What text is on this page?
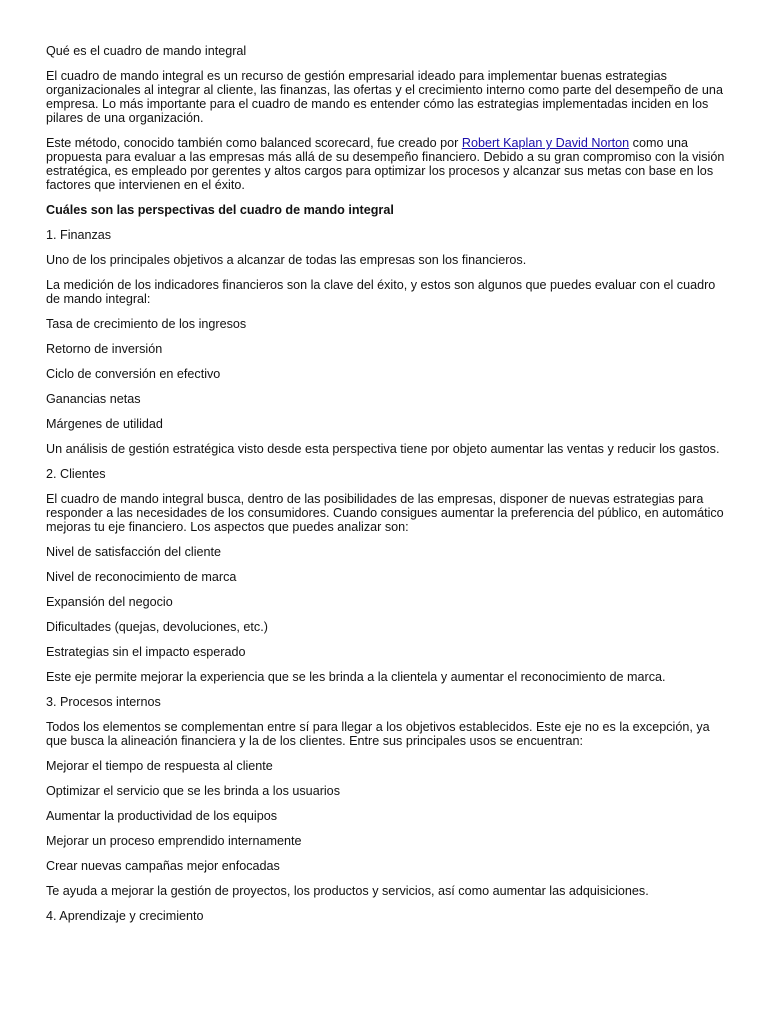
Qué es el cuadro de mando integral

El cuadro de mando integral es un recurso de gestión empresarial ideado para implementar buenas estrategias organizacionales al integrar al cliente, las finanzas, las ofertas y el crecimiento interno como parte del desempeño de una empresa. Lo más importante para el cuadro de mando es entender cómo las estrategias implementadas inciden en los pilares de una organización.

Este método, conocido también como balanced scorecard, fue creado por Robert Kaplan y David Norton como una propuesta para evaluar a las empresas más allá de su desempeño financiero. Debido a su gran compromiso con la visión estratégica, es empleado por gerentes y altos cargos para optimizar los procesos y alcanzar sus metas con base en los factores que intervienen en el éxito.

Cuáles son las perspectivas del cuadro de mando integral

1. Finanzas

Uno de los principales objetivos a alcanzar de todas las empresas son los financieros.

La medición de los indicadores financieros son la clave del éxito, y estos son algunos que puedes evaluar con el cuadro de mando integral:

Tasa de crecimiento de los ingresos

Retorno de inversión

Ciclo de conversión en efectivo

Ganancias netas

Márgenes de utilidad

Un análisis de gestión estratégica visto desde esta perspectiva tiene por objeto aumentar las ventas y reducir los gastos.

2. Clientes

El cuadro de mando integral busca, dentro de las posibilidades de las empresas, disponer de nuevas estrategias para responder a las necesidades de los consumidores. Cuando consigues aumentar la preferencia del público, en automático mejoras tu eje financiero. Los aspectos que puedes analizar son:

Nivel de satisfacción del cliente

Nivel de reconocimiento de marca

Expansión del negocio

Dificultades (quejas, devoluciones, etc.)

Estrategias sin el impacto esperado

Este eje permite mejorar la experiencia que se les brinda a la clientela y aumentar el reconocimiento de marca.

3. Procesos internos

Todos los elementos se complementan entre sí para llegar a los objetivos establecidos. Este eje no es la excepción, ya que busca la alineación financiera y la de los clientes. Entre sus principales usos se encuentran:

Mejorar el tiempo de respuesta al cliente

Optimizar el servicio que se les brinda a los usuarios

Aumentar la productividad de los equipos

Mejorar un proceso emprendido internamente

Crear nuevas campañas mejor enfocadas

Te ayuda a mejorar la gestión de proyectos, los productos y servicios, así como aumentar las adquisiciones.

4. Aprendizaje y crecimiento
